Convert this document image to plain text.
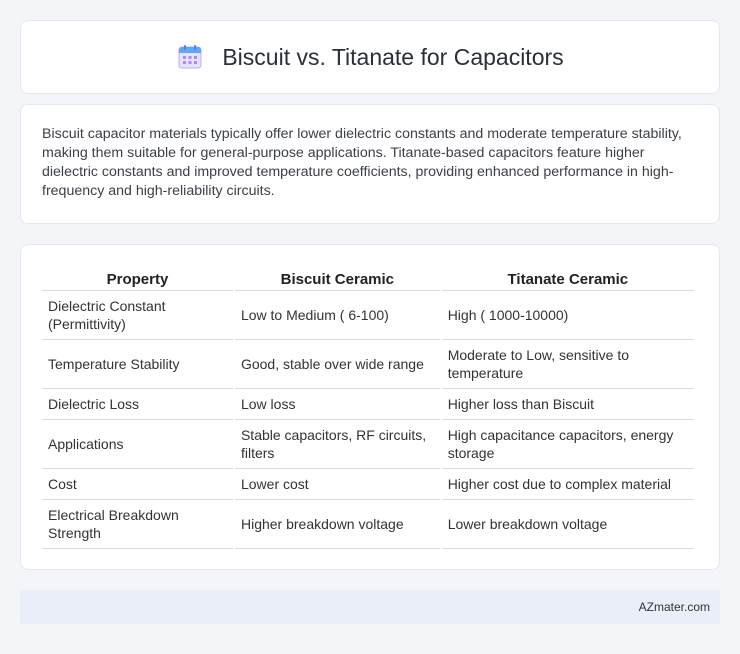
Biscuit vs. Titanate for Capacitors

Biscuit capacitor materials typically offer lower dielectric constants and moderate temperature stability, making them suitable for general-purpose applications. Titanate-based capacitors feature higher dielectric constants and improved temperature coefficients, providing enhanced performance in high-frequency and high-reliability circuits.

Property	Biscuit Ceramic	Titanate Ceramic
Dielectric Constant (Permittivity)	Low to Medium ( 6-100)	High ( 1000-10000)
Temperature Stability	Good, stable over wide range	Moderate to Low, sensitive to temperature
Dielectric Loss	Low loss	Higher loss than Biscuit
Applications	Stable capacitors, RF circuits, filters	High capacitance capacitors, energy storage
Cost	Lower cost	Higher cost due to complex material
Electrical Breakdown Strength	Higher breakdown voltage	Lower breakdown voltage
AZmater.com
